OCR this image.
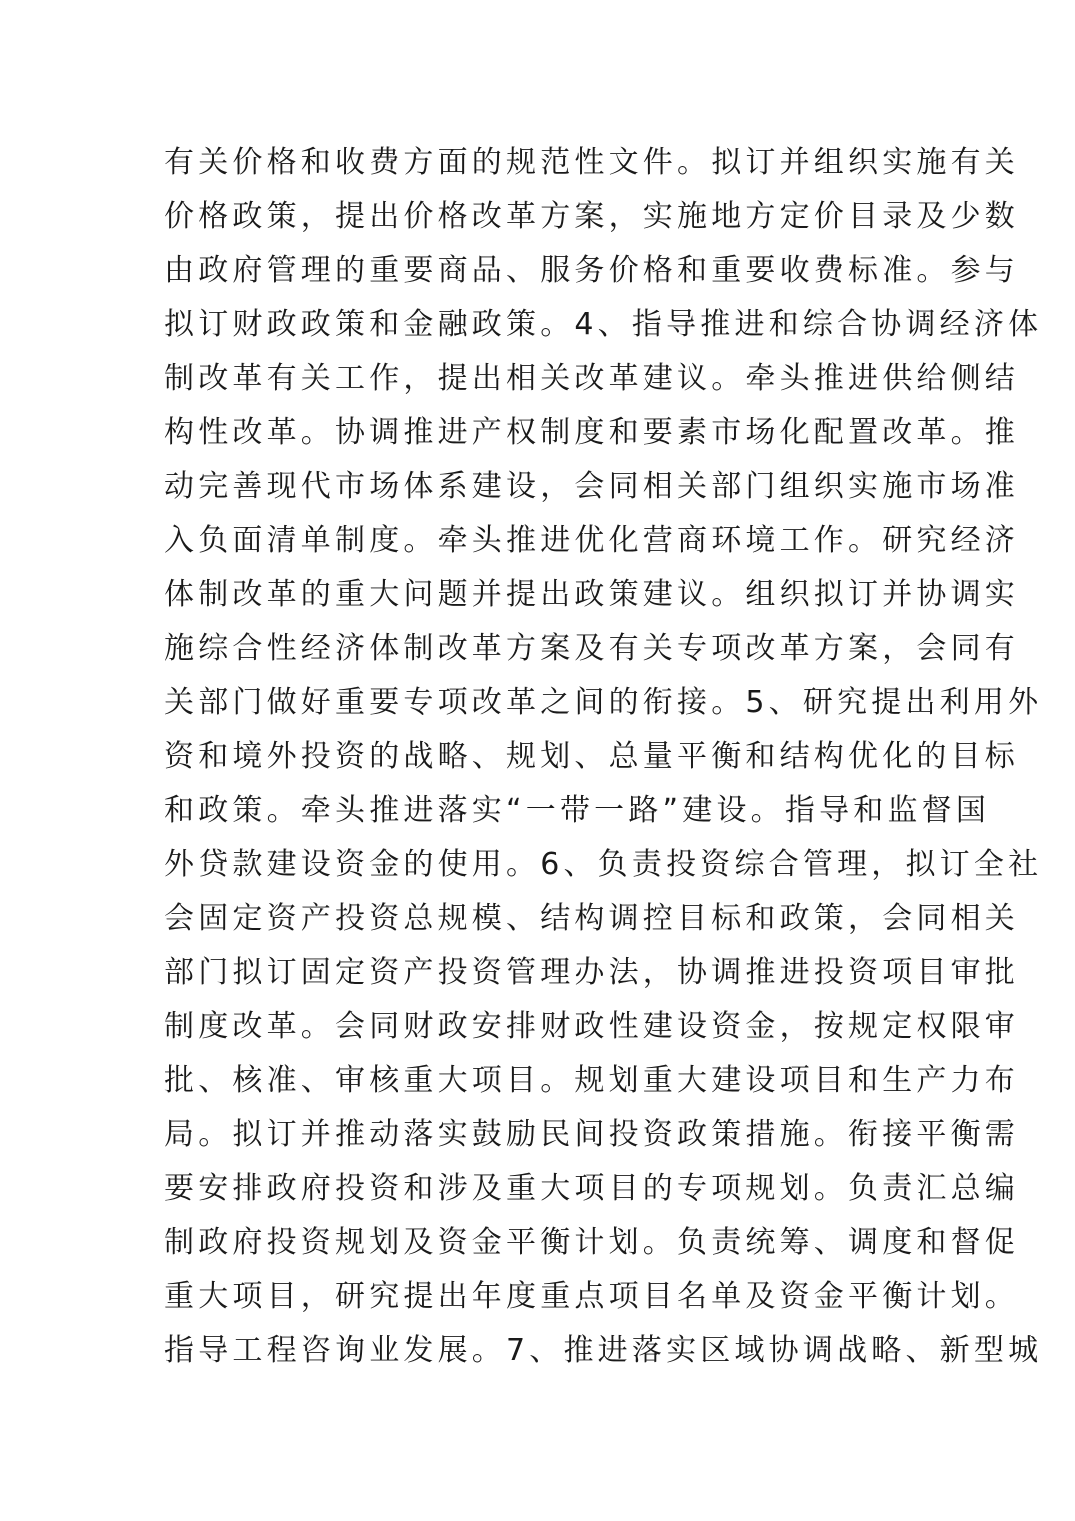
有关价格和收费方面的规范性文件。拟订并组织实施有关
价格政策，提出价格改革方案，实施地方定价目录及少数
由政府管理的重要商品、服务价格和重要收费标准。参与
拟订财政政策和金融政策。4、指导推进和综合协调经济体
制改革有关工作，提出相关改革建议。牵头推进供给侧结
构性改革。协调推进产权制度和要素市场化配置改革。推
动完善现代市场体系建设，会同相关部门组织实施市场准
入负面清单制度。牵头推进优化营商环境工作。研究经济
体制改革的重大问题并提出政策建议。组织拟订并协调实
施综合性经济体制改革方案及有关专项改革方案，会同有
关部门做好重要专项改革之间的衔接。5、研究提出利用外
资和境外投资的战略、规划、总量平衡和结构优化的目标
和政策。牵头推进落实“一带一路”建设。指导和监督国
外贷款建设资金的使用。6、负责投资综合管理，拟订全社
会固定资产投资总规模、结构调控目标和政策，会同相关
部门拟订固定资产投资管理办法，协调推进投资项目审批
制度改革。会同财政安排财政性建设资金，按规定权限审
批、核准、审核重大项目。规划重大建设项目和生产力布
局。拟订并推动落实鼓励民间投资政策措施。衔接平衡需
要安排政府投资和涉及重大项目的专项规划。负责汇总编
制政府投资规划及资金平衡计划。负责统筹、调度和督促
重大项目，研究提出年度重点项目名单及资金平衡计划。
指导工程咨询业发展。7、推进落实区域协调战略、新型城
